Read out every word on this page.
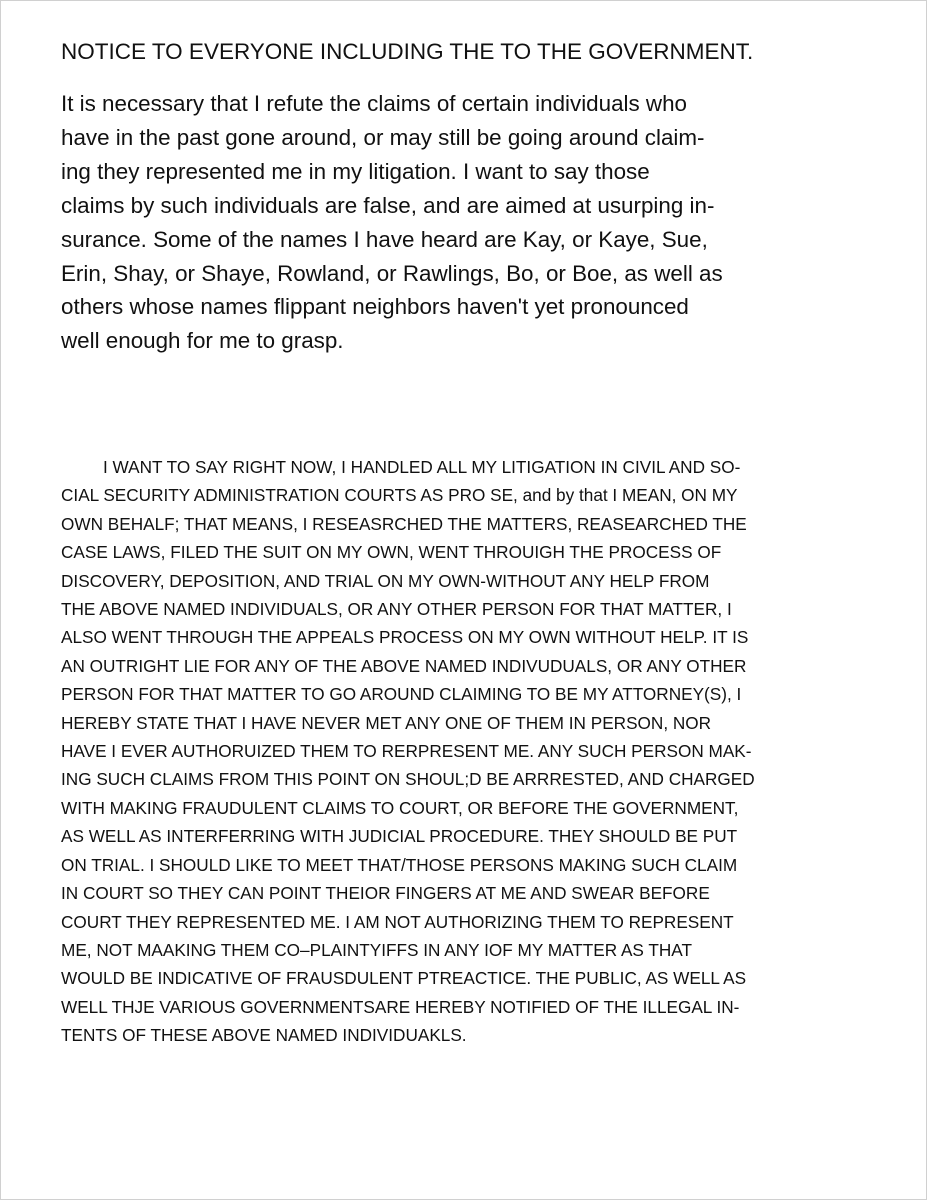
NOTICE TO EVERYONE INCLUDING THE TO THE GOVERNMENT.

It is necessary that I refute the claims of certain individuals who
have in the past gone around, or may still be going around claim-
ing they represented me in my litigation. I want to say those
claims by such individuals are false, and are aimed at usurping in-
surance. Some of the names I have heard are Kay, or Kaye, Sue,
Erin, Shay, or Shaye, Rowland, or Rawlings, Bo, or Boe, as well as
others whose names flippant neighbors haven't yet pronounced
well enough for me to grasp.

I WANT TO SAY RIGHT NOW, I HANDLED ALL MY LITIGATION IN CIVIL AND SO-
CIAL SECURITY ADMINISTRATION COURTS AS PRO SE, and by that I MEAN, ON MY
OWN BEHALF; THAT MEANS, I RESEASRCHED THE MATTERS, REASEARCHED THE
CASE LAWS, FILED THE SUIT ON MY OWN, WENT THROUIGH THE PROCESS OF
DISCOVERY, DEPOSITION, AND TRIAL ON MY OWN-WITHOUT ANY HELP FROM
THE ABOVE NAMED INDIVIDUALS, OR ANY OTHER PERSON FOR THAT MATTER, I
ALSO WENT THROUGH THE APPEALS PROCESS ON MY OWN WITHOUT HELP. IT IS
AN OUTRIGHT LIE FOR ANY OF THE ABOVE NAMED INDIVUDUALS, OR ANY OTHER
PERSON FOR THAT MATTER TO GO AROUND CLAIMING TO BE MY ATTORNEY(S), I
HEREBY STATE THAT I HAVE NEVER MET ANY ONE OF THEM IN PERSON, NOR
HAVE I EVER AUTHORUIZED THEM TO RERPRESENT ME. ANY SUCH PERSON MAK-
ING SUCH CLAIMS FROM THIS POINT ON SHOUL;D BE ARRRESTED, AND CHARGED
WITH MAKING FRAUDULENT CLAIMS TO COURT, OR BEFORE THE GOVERNMENT,
AS WELL AS INTERFERRING WITH JUDICIAL PROCEDURE. THEY SHOULD BE PUT
ON TRIAL. I SHOULD LIKE TO MEET THAT/THOSE PERSONS MAKING SUCH CLAIM
IN COURT SO THEY CAN POINT THEIOR FINGERS AT ME AND SWEAR BEFORE
COURT THEY REPRESENTED ME. I AM NOT AUTHORIZING THEM TO REPRESENT
ME, NOT MAAKING THEM CO–PLAINTYIFFS IN ANY IOF MY MATTER AS THAT
WOULD BE INDICATIVE OF FRAUSDULENT PTREACTICE. THE PUBLIC, AS WELL AS
WELL THJE VARIOUS GOVERNMENTSARE HEREBY NOTIFIED OF THE ILLEGAL IN-
TENTS OF THESE ABOVE NAMED INDIVIDUAKLS.
